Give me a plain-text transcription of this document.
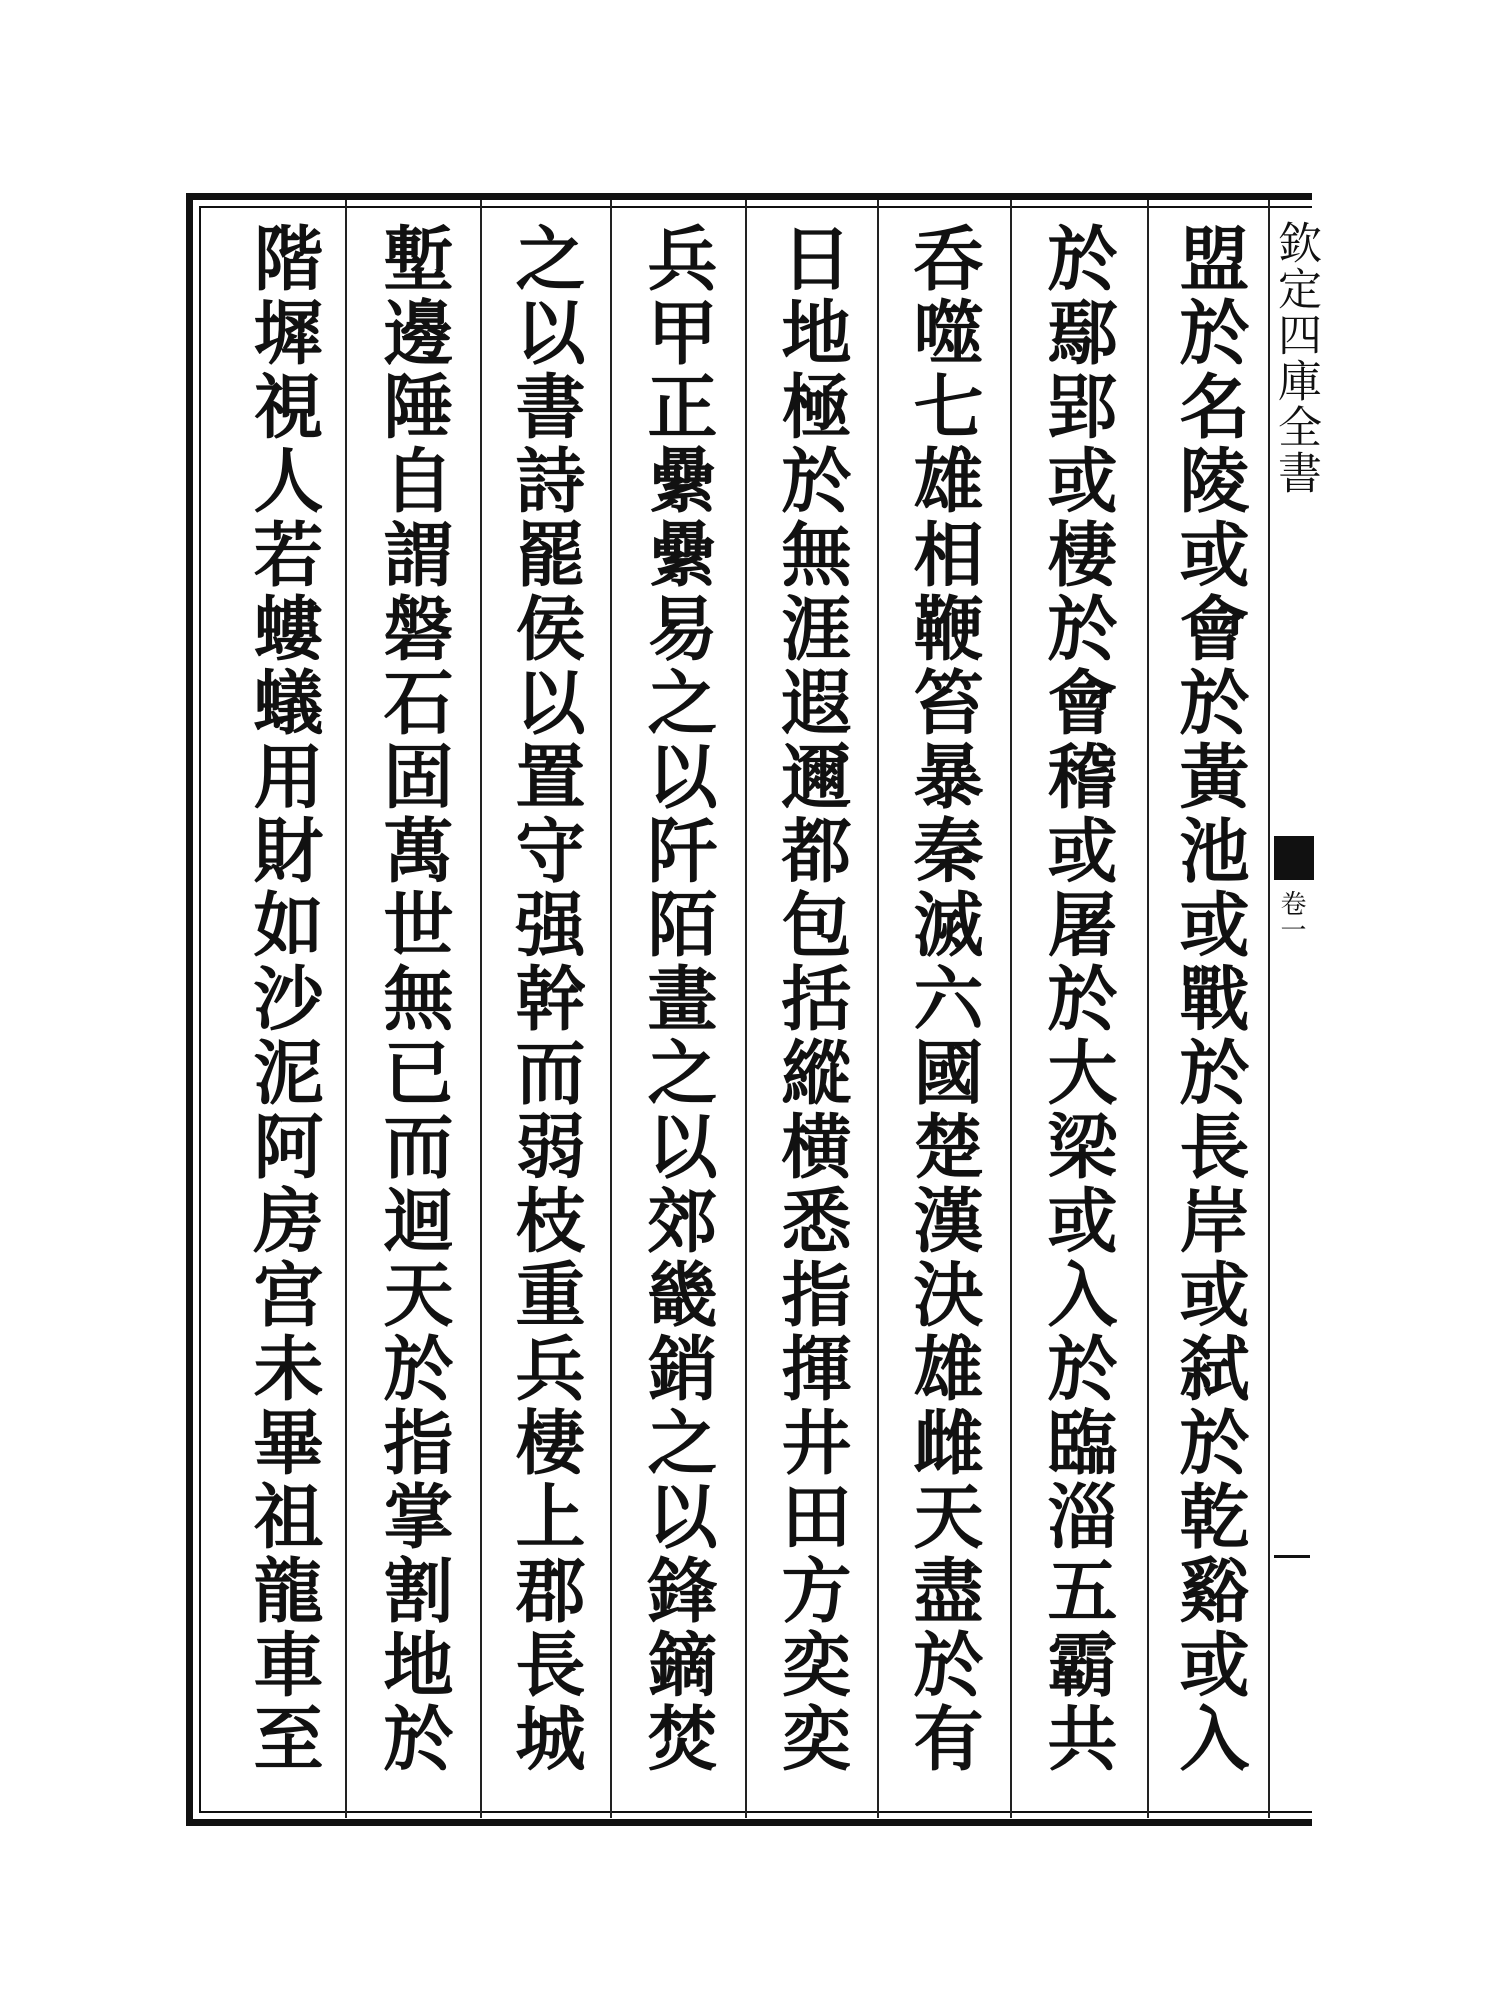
盟於名陵或會於黃池或戰於長岸或弑於乾谿或入
於鄢郢或棲於會稽或屠於大梁或入於臨淄五霸共
呑噬七雄相鞭笞暴秦滅六國楚漢決雄雌天盡於有
日地極於無涯遐邇都包括縱横悉指揮井田方奕奕
兵甲正纍纍易之以阡陌畫之以郊畿銷之以鋒鏑焚
之以書詩罷侯以置守强幹而弱枝重兵棲上郡長城
塹邊陲自謂磐石固萬世無已而迴天於指掌割地於
階墀視人若螻蟻用財如沙泥阿房宫未畢祖龍車至	欽定四庫全書
卷一
